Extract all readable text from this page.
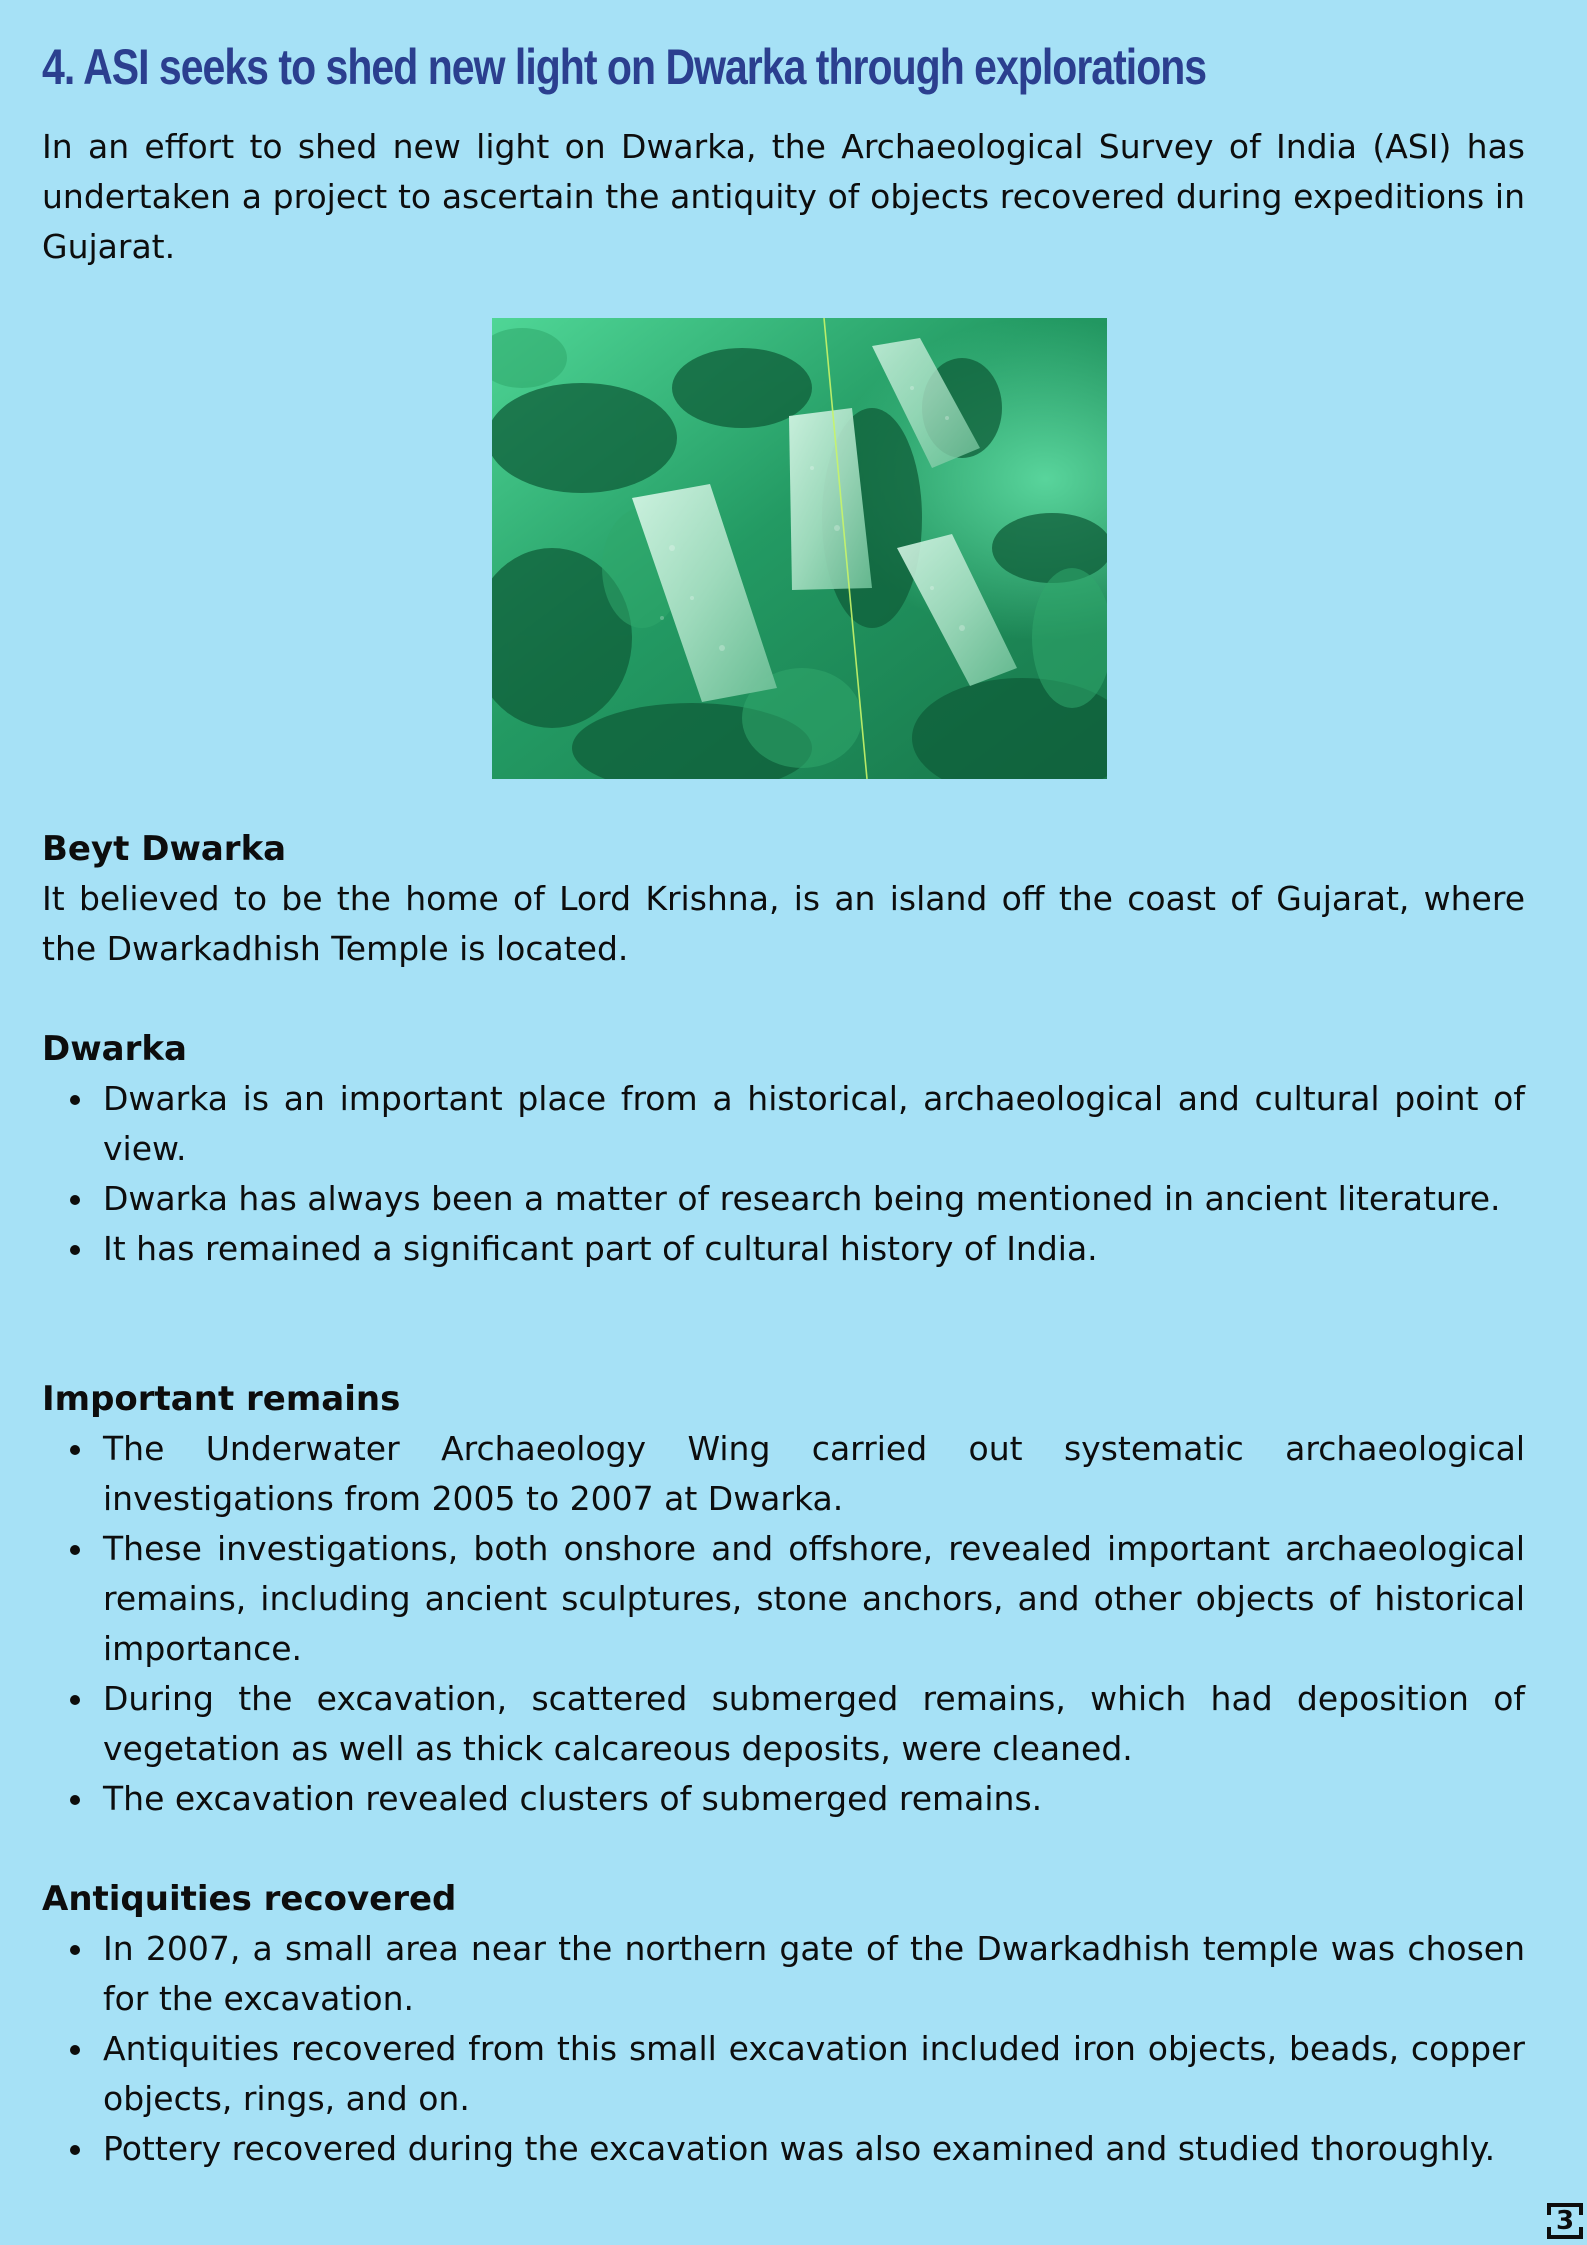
4. ASI seeks to shed new light on Dwarka through explorations

In an effort to shed new light on Dwarka, the Archaeological Survey of India (ASI) has undertaken a project to ascertain the antiquity of objects recovered during expeditions in Gujarat.

Beyt Dwarka

It believed to be the home of Lord Krishna, is an island off the coast of Gujarat, where the Dwarkadhish Temple is located.

Dwarka
Dwarka is an important place from a historical, archaeological and cultural point of view.
Dwarka has always been a matter of research being mentioned in ancient literature.
It has remained a significant part of cultural history of India.
Important remains
The Underwater Archaeology Wing carried out systematic archaeological investigations from 2005 to 2007 at Dwarka.
These investigations, both onshore and offshore, revealed important archaeological remains, including ancient sculptures, stone anchors, and other objects of historical importance.
During the excavation, scattered submerged remains, which had deposition of vegetation as well as thick calcareous deposits, were cleaned.
The excavation revealed clusters of submerged remains.
Antiquities recovered
In 2007, a small area near the northern gate of the Dwarkadhish temple was chosen for the excavation.
Antiquities recovered from this small excavation included iron objects, beads, copper objects, rings, and on.
Pottery recovered during the excavation was also examined and studied thoroughly.
3
